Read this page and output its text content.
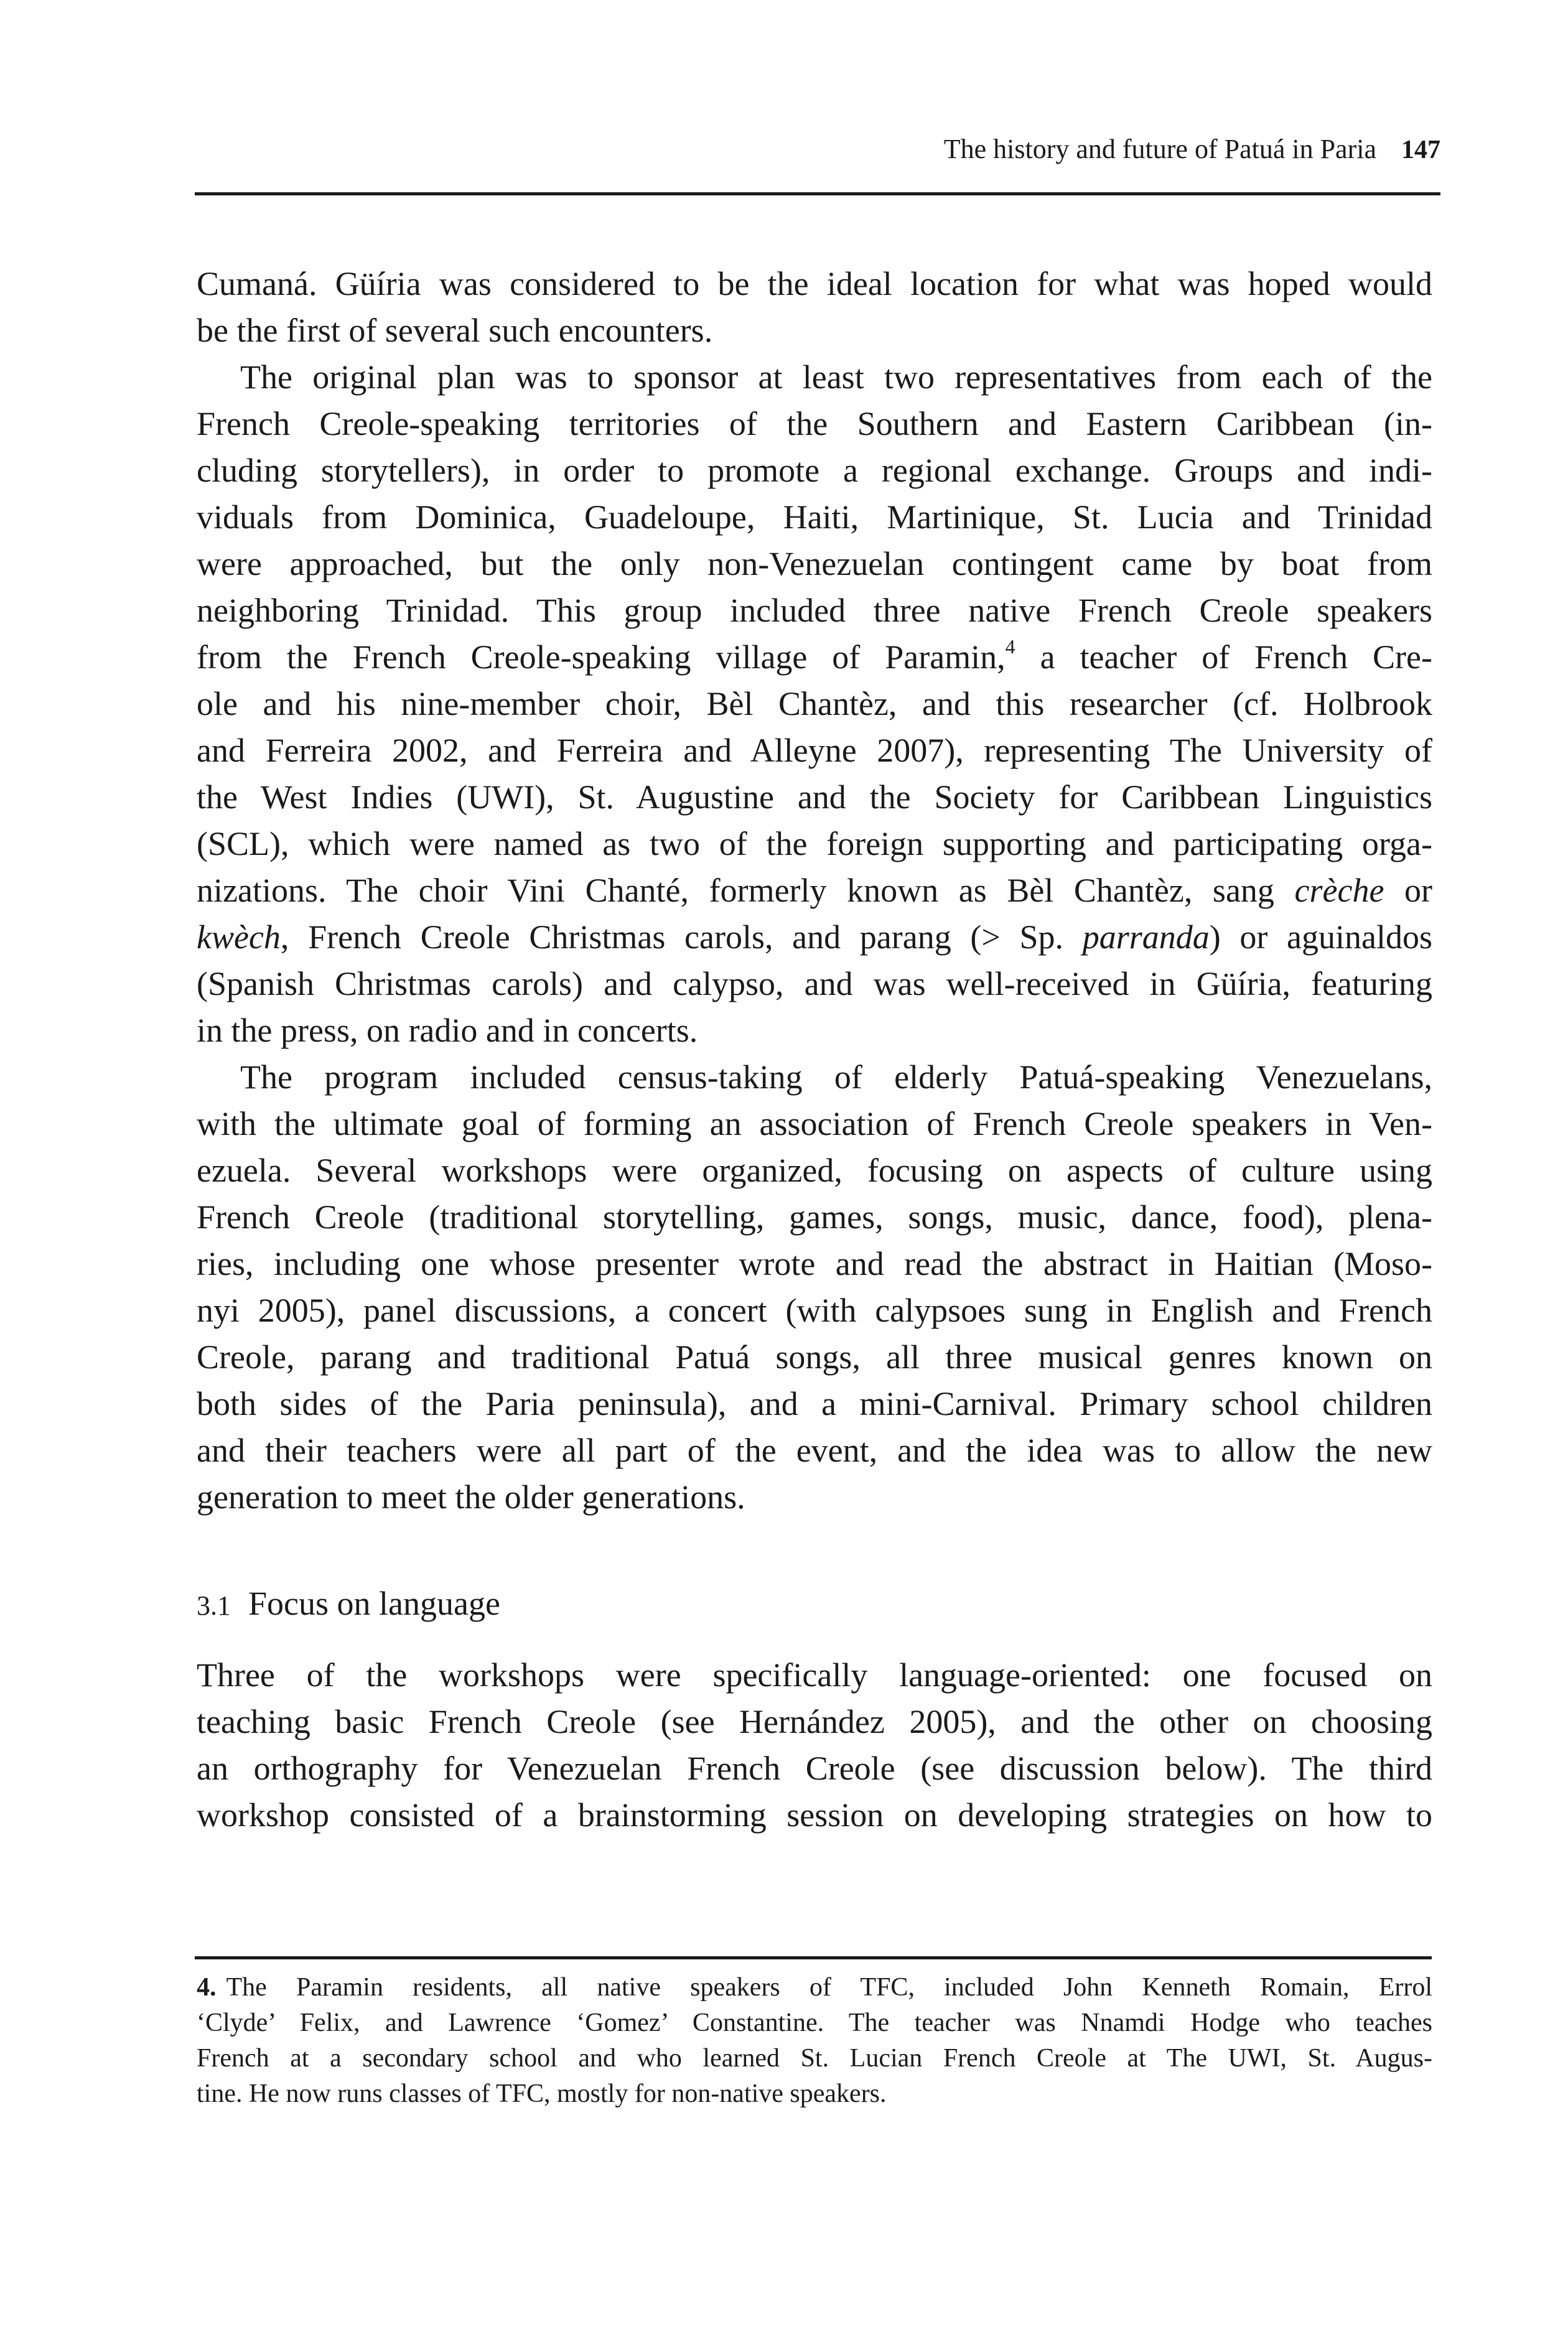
The history and future of Patuá in Paria 147
Cumaná. Güíria was considered to be the ideal location for what was hoped would
be the first of several such encounters.
The original plan was to sponsor at least two representatives from each of the
French Creole-speaking territories of the Southern and Eastern Caribbean (in-
cluding storytellers), in order to promote a regional exchange. Groups and indi-
viduals from Dominica, Guadeloupe, Haiti, Martinique, St. Lucia and Trinidad
were approached, but the only non-Venezuelan contingent came by boat from
neighboring Trinidad. This group included three native French Creole speakers
from the French Creole-speaking village of Paramin,$^4$ a teacher of French Cre-
ole and his nine-member choir, Bèl Chantèz, and this researcher (cf. Holbrook
and Ferreira 2002, and Ferreira and Alleyne 2007), representing The University of
the West Indies (UWI), St. Augustine and the Society for Caribbean Linguistics
(SCL), which were named as two of the foreign supporting and participating orga-
nizations. The choir Vini Chanté, formerly known as Bèl Chantèz, sang crèche or
kwèch, French Creole Christmas carols, and parang (> Sp. parranda) or aguinaldos
(Spanish Christmas carols) and calypso, and was well-received in Güíria, featuring
in the press, on radio and in concerts.
The program included census-taking of elderly Patuá-speaking Venezuelans,
with the ultimate goal of forming an association of French Creole speakers in Ven-
ezuela. Several workshops were organized, focusing on aspects of culture using
French Creole (traditional storytelling, games, songs, music, dance, food), plena-
ries, including one whose presenter wrote and read the abstract in Haitian (Moso-
nyi 2005), panel discussions, a concert (with calypsoes sung in English and French
Creole, parang and traditional Patuá songs, all three musical genres known on
both sides of the Paria peninsula), and a mini-Carnival. Primary school children
and their teachers were all part of the event, and the idea was to allow the new
generation to meet the older generations.
3.1 Focus on language
Three of the workshops were specifically language-oriented: one focused on
teaching basic French Creole (see Hernández 2005), and the other on choosing
an orthography for Venezuelan French Creole (see discussion below). The third
workshop consisted of a brainstorming session on developing strategies on how to
4. The Paramin residents, all native speakers of TFC, included John Kenneth Romain, Errol
‘Clyde’ Felix, and Lawrence ‘Gomez’ Constantine. The teacher was Nnamdi Hodge who teaches
French at a secondary school and who learned St. Lucian French Creole at The UWI, St. Augus-
tine. He now runs classes of TFC, mostly for non-native speakers.
